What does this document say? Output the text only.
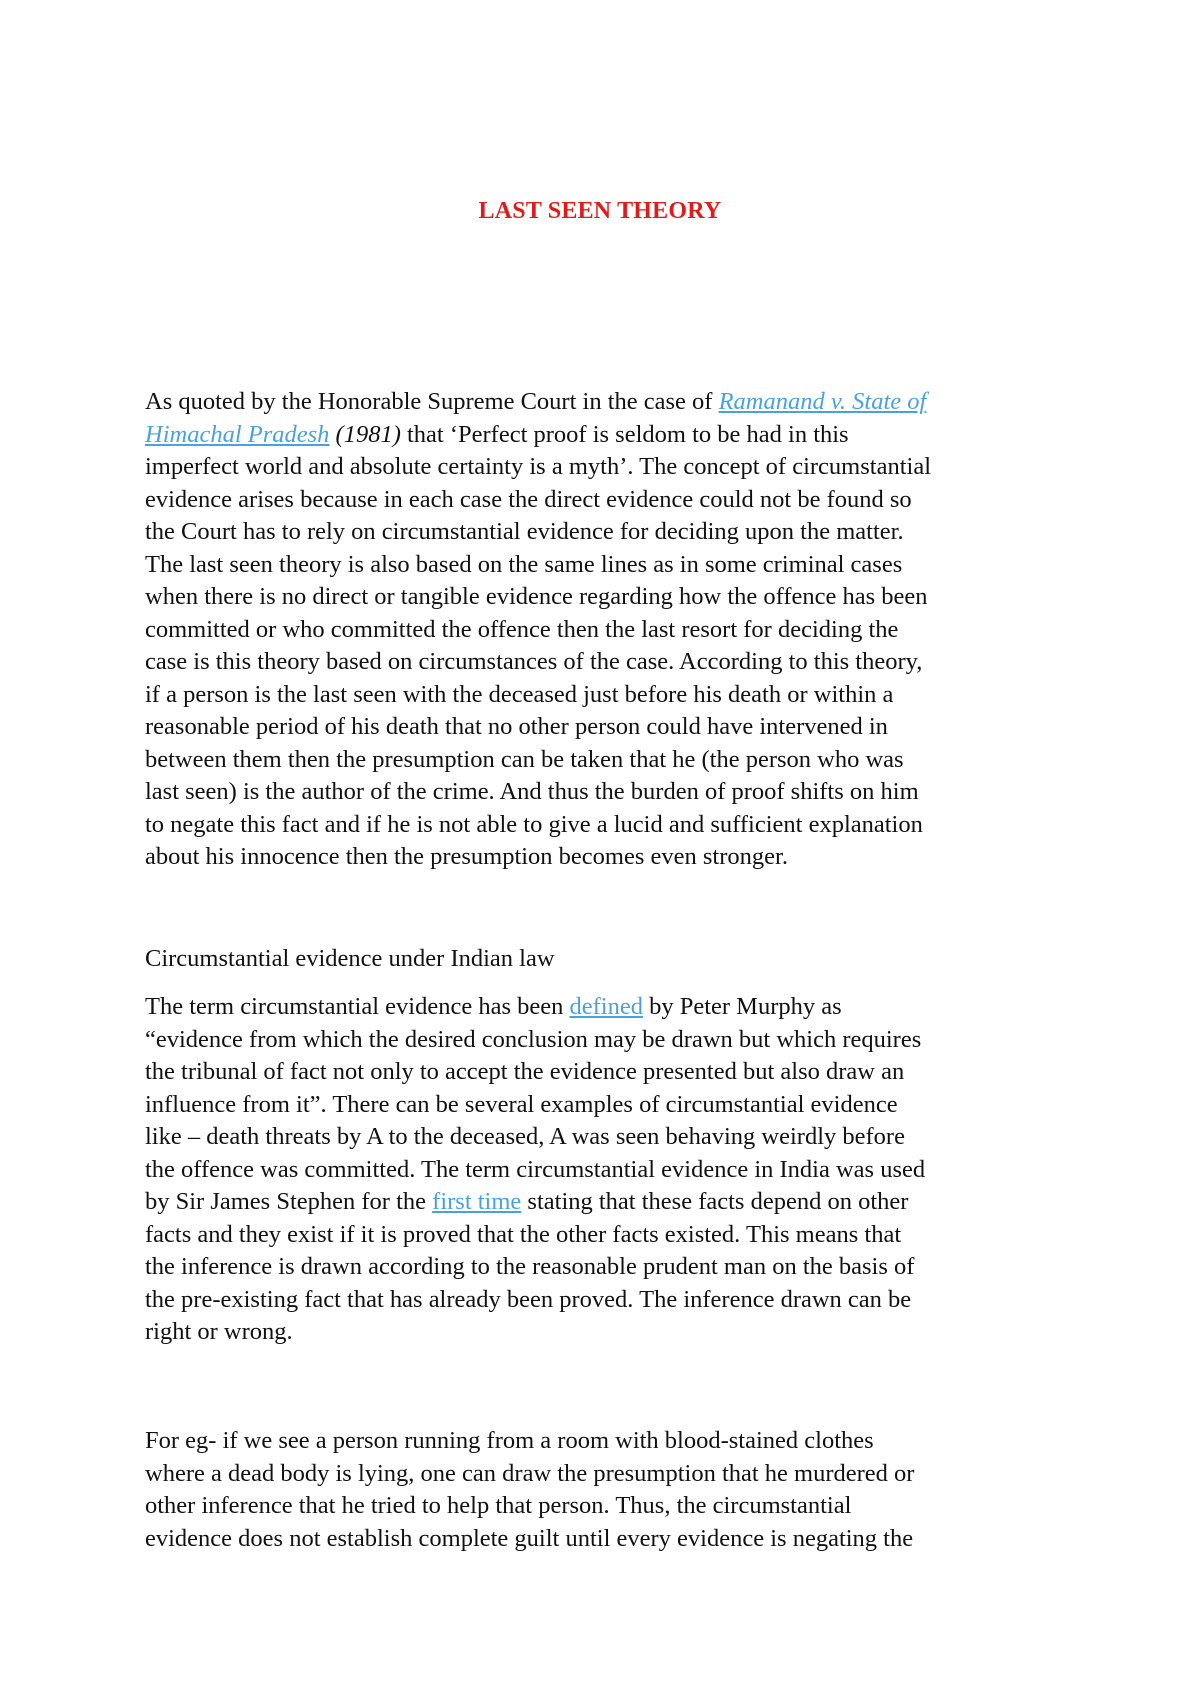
LAST SEEN THEORY
As quoted by the Honorable Supreme Court in the case of Ramanand v. State of
Himachal Pradesh (1981) that ‘Perfect proof is seldom to be had in this
imperfect world and absolute certainty is a myth’. The concept of circumstantial
evidence arises because in each case the direct evidence could not be found so
the Court has to rely on circumstantial evidence for deciding upon the matter.
The last seen theory is also based on the same lines as in some criminal cases
when there is no direct or tangible evidence regarding how the offence has been
committed or who committed the offence then the last resort for deciding the
case is this theory based on circumstances of the case. According to this theory,
if a person is the last seen with the deceased just before his death or within a
reasonable period of his death that no other person could have intervened in
between them then the presumption can be taken that he (the person who was
last seen) is the author of the crime. And thus the burden of proof shifts on him
to negate this fact and if he is not able to give a lucid and sufficient explanation
about his innocence then the presumption becomes even stronger.
Circumstantial evidence under Indian law
The term circumstantial evidence has been defined by Peter Murphy as
“evidence from which the desired conclusion may be drawn but which requires
the tribunal of fact not only to accept the evidence presented but also draw an
influence from it”. There can be several examples of circumstantial evidence
like – death threats by A to the deceased, A was seen behaving weirdly before
the offence was committed. The term circumstantial evidence in India was used
by Sir James Stephen for the first time stating that these facts depend on other
facts and they exist if it is proved that the other facts existed. This means that
the inference is drawn according to the reasonable prudent man on the basis of
the pre-existing fact that has already been proved. The inference drawn can be
right or wrong.
For eg- if we see a person running from a room with blood-stained clothes
where a dead body is lying, one can draw the presumption that he murdered or
other inference that he tried to help that person. Thus, the circumstantial
evidence does not establish complete guilt until every evidence is negating the
